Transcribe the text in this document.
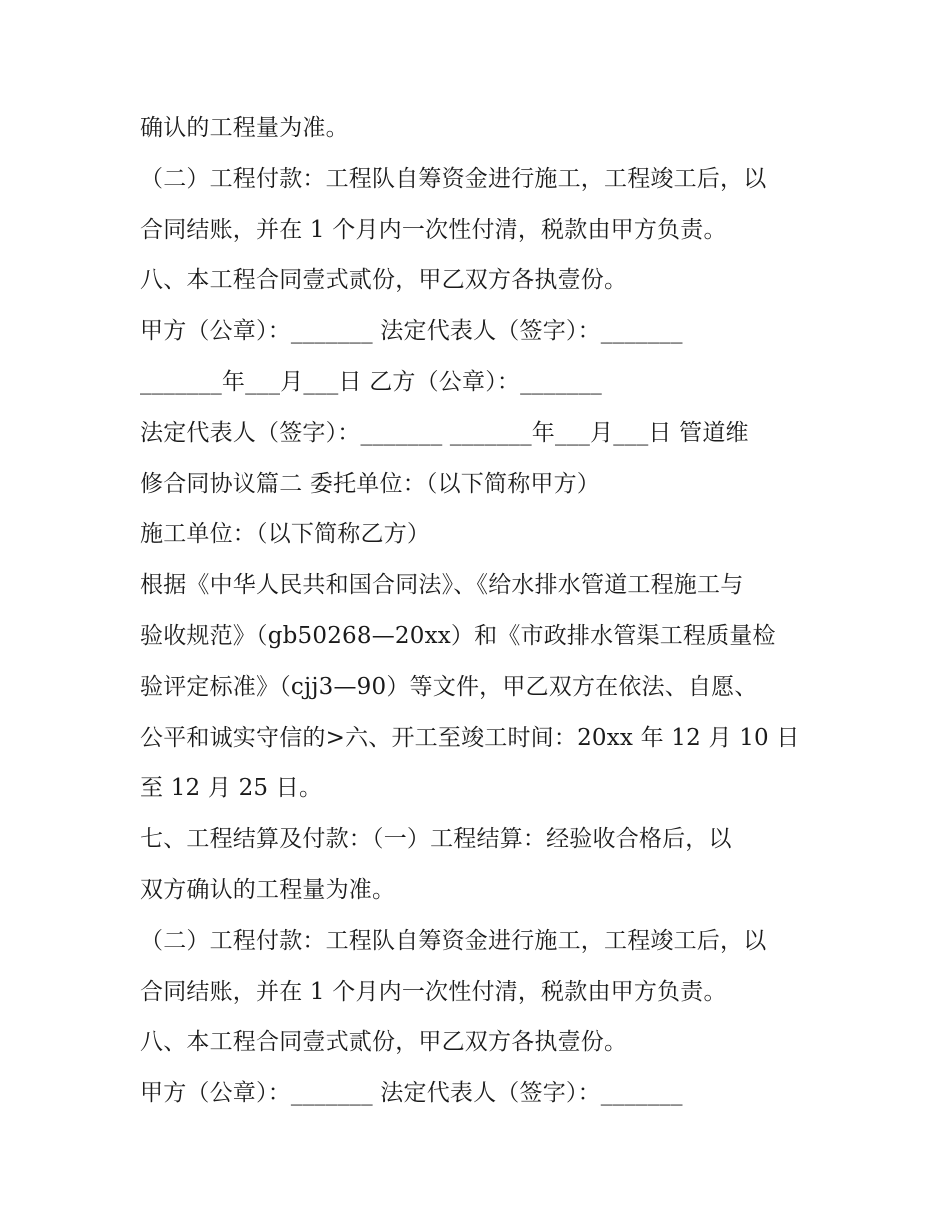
确认的工程量为准。
（二）工程付款：工程队自筹资金进行施工，工程竣工后，以
合同结账，并在 1 个月内一次性付清，税款由甲方负责。
八、本工程合同壹式贰份，甲乙双方各执壹份。
甲方（公章）：_______ 法定代表人（签字）：_______
_______年___月___日 乙方（公章）：_______
法定代表人（签字）：_______ _______年___月___日 管道维
修合同协议篇二 委托单位：（以下简称甲方）
施工单位：（以下简称乙方）
根据《中华人民共和国合同法》、《给水排水管道工程施工与
验收规范》（gb50268—20xx）和《市政排水管渠工程质量检
验评定标准》（cjj3—90）等文件，甲乙双方在依法、自愿、
公平和诚实守信的>六、开工至竣工时间：20xx 年 12 月 10 日
至 12 月 25 日。
七、工程结算及付款：（一）工程结算：经验收合格后，以
双方确认的工程量为准。
（二）工程付款：工程队自筹资金进行施工，工程竣工后，以
合同结账，并在 1 个月内一次性付清，税款由甲方负责。
八、本工程合同壹式贰份，甲乙双方各执壹份。
甲方（公章）：_______ 法定代表人（签字）：_______
